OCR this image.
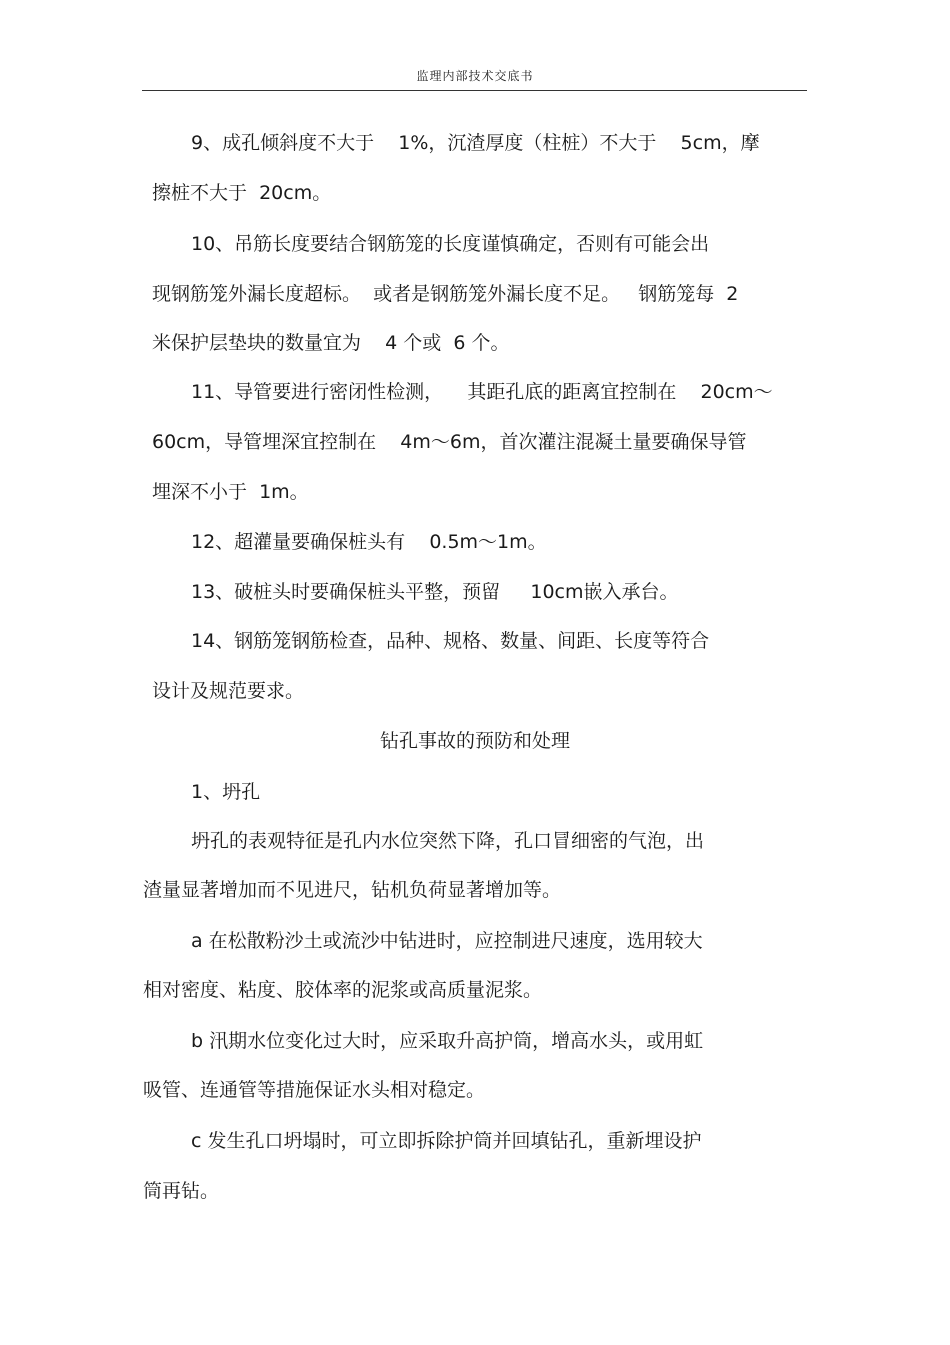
监理内部技术交底书
9、成孔倾斜度不大于    1%，沉渣厚度（柱桩）不大于    5cm，摩
擦桩不大于  20cm。
10、吊筋长度要结合钢筋笼的长度谨慎确定，否则有可能会出
现钢筋笼外漏长度超标。  或者是钢筋笼外漏长度不足。   钢筋笼每  2
米保护层垫块的数量宜为    4 个或  6 个。
11、导管要进行密闭性检测，    其距孔底的距离宜控制在    20cm～
60cm，导管埋深宜控制在    4m～6m，首次灌注混凝土量要确保导管
埋深不小于  1m。
12、超灌量要确保桩头有    0.5m～1m。
13、破桩头时要确保桩头平整，预留     10cm嵌入承台。
14、钢筋笼钢筋检查，品种、规格、数量、间距、长度等符合
设计及规范要求。
钻孔事故的预防和处理
1、坍孔
坍孔的表观特征是孔内水位突然下降，孔口冒细密的气泡，出
渣量显著增加而不见进尺，钻机负荷显著增加等。
a 在松散粉沙土或流沙中钻进时，应控制进尺速度，选用较大
相对密度、粘度、胶体率的泥浆或高质量泥浆。
b 汛期水位变化过大时，应采取升高护筒，增高水头，或用虹
吸管、连通管等措施保证水头相对稳定。
c 发生孔口坍塌时，可立即拆除护筒并回填钻孔，重新埋设护
筒再钻。
